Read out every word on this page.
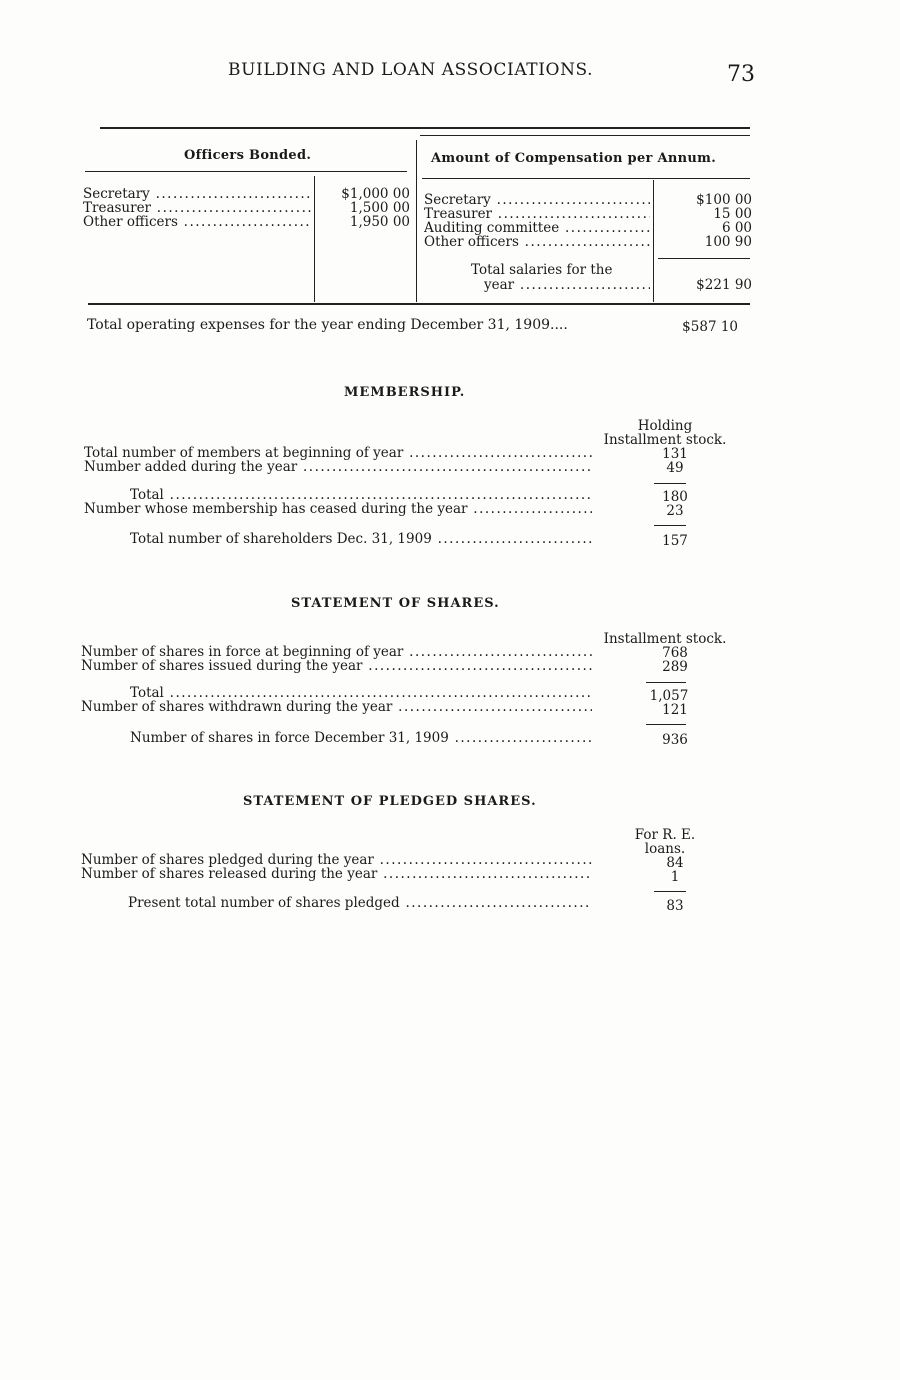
BUILDING AND LOAN ASSOCIATIONS.	73
Officers Bonded.	Amount of Compensation per Annum.
Secretary .....	$1,000 00
Treasurer .....	1,500 00
Other officers .....	1,950 00
Secretary .....	$100 00
Treasurer .....	15 00
Auditing committee .....	6 00
Other officers .....	100 90
Total salaries for the
year .....	$221 90
Total operating expenses for the year ending December 31, 1909....	$587 10
MEMBERSHIP.
Holding
Installment stock.
Total number of members at beginning of year .....	131
Number added during the year .....	49
Total .....	180
Number whose membership has ceased during the year .....	23
Total number of shareholders Dec. 31, 1909 .....	157
STATEMENT OF SHARES.
Installment stock.
Number of shares in force at beginning of year .....	768
Number of shares issued during the year .....	289
Total .....	1,057
Number of shares withdrawn during the year .....	121
Number of shares in force December 31, 1909 .....	936
STATEMENT OF PLEDGED SHARES.
For R. E.
loans.
Number of shares pledged during the year .....	84
Number of shares released during the year .....	1
Present total number of shares pledged .....	83
